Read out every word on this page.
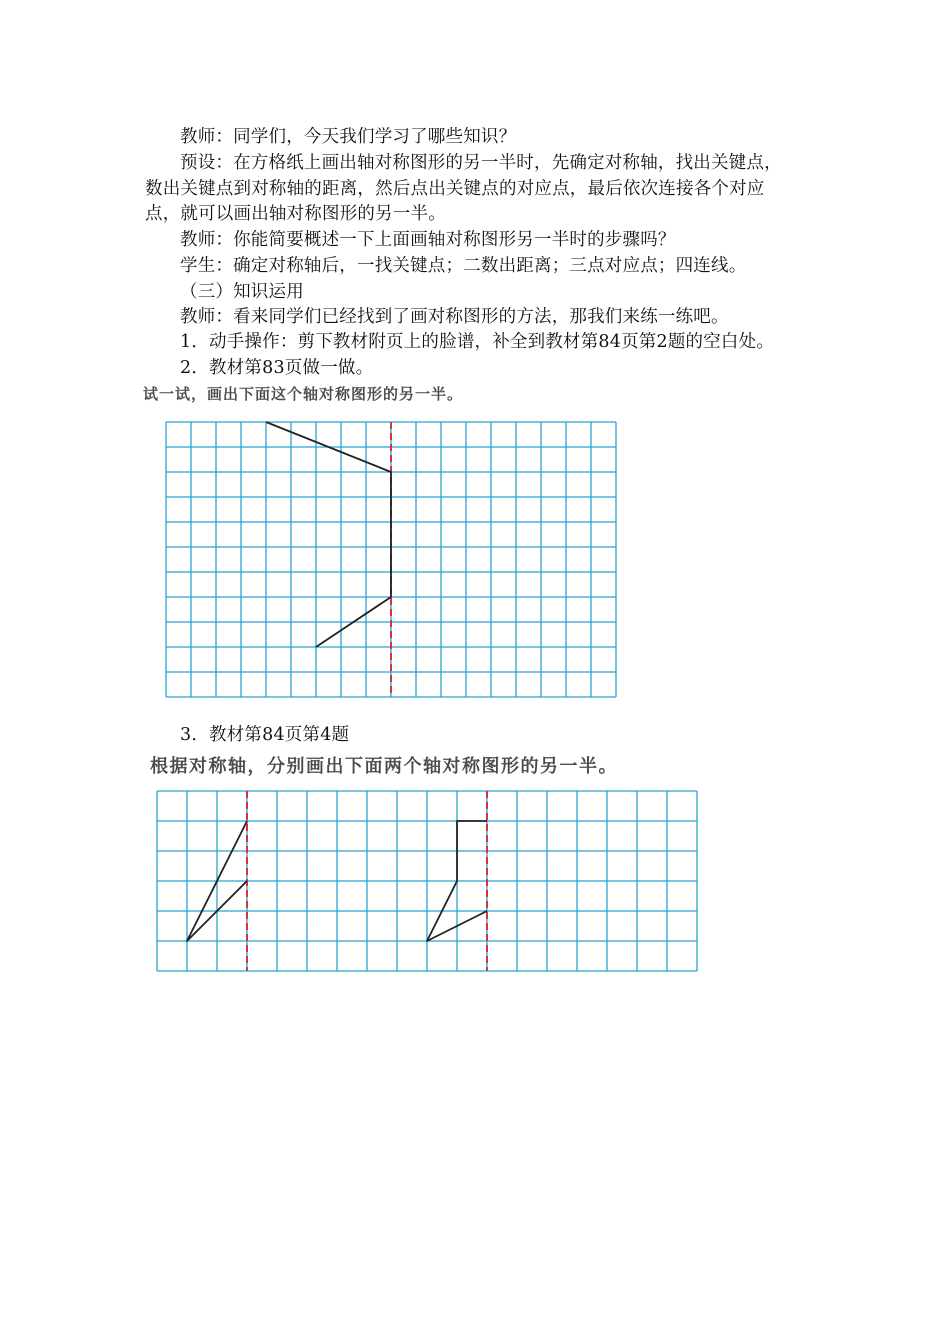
教师：同学们，今天我们学习了哪些知识？
预设：在方格纸上画出轴对称图形的另一半时，先确定对称轴，找出关键点，
数出关键点到对称轴的距离，然后点出关键点的对应点，最后依次连接各个对应
点，就可以画出轴对称图形的另一半。
教师：你能简要概述一下上面画轴对称图形另一半时的步骤吗？
学生：确定对称轴后，一找关键点；二数出距离；三点对应点；四连线。
（三）知识运用
教师：看来同学们已经找到了画对称图形的方法，那我们来练一练吧。
1．动手操作：剪下教材附页上的脸谱，补全到教材第84页第2题的空白处。
2．教材第83页做一做。
试一试，画出下面这个轴对称图形的另一半。
3．教材第84页第4题
根据对称轴，分别画出下面两个轴对称图形的另一半。
